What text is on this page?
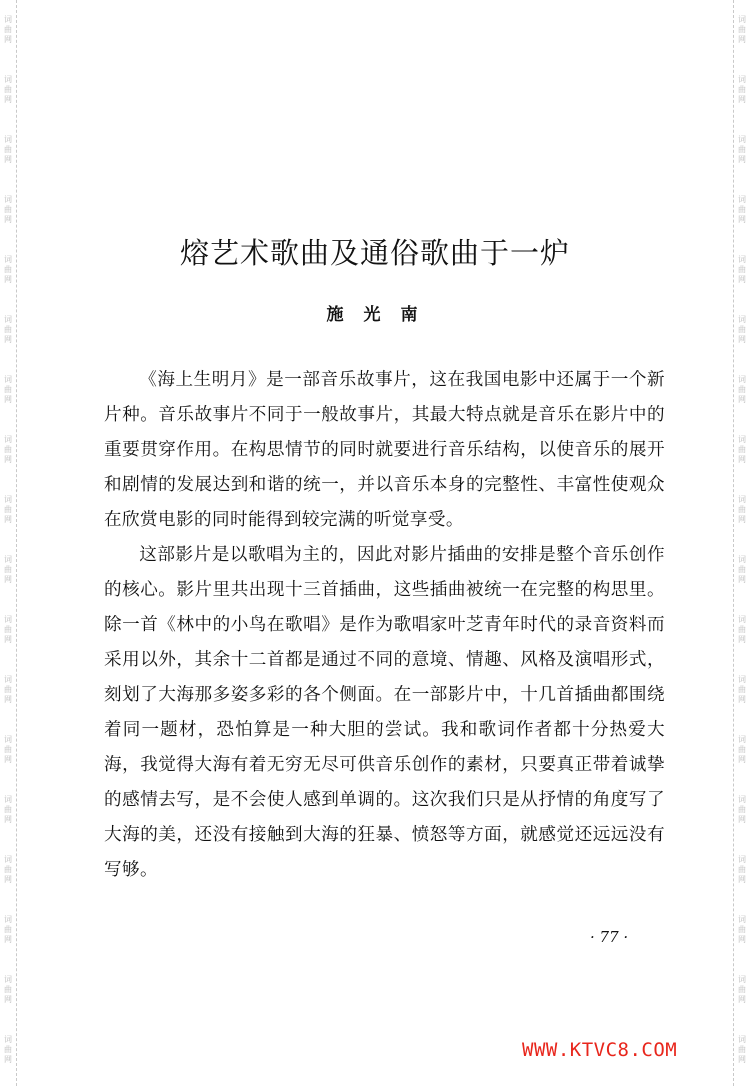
词
曲
网
词
曲
网
词
曲
网
词
曲
网
词
曲
网
词
曲
网
词
曲
网
词
曲
网
词
曲
网
词
曲
网
词
曲
网
词
曲
网
词
曲
网
词
曲
网
词
曲
网
词
曲
网
词
曲
网
词
曲
网
词
曲
网
词
曲
网
词
曲
网
词
曲
网
词
曲
网
词
曲
网
词
曲
网
词
曲
网
词
曲
网
词
曲
网
词
曲
网
词
曲
网
词
曲
网
词
曲
网
词
曲
网
词
曲
网
词
曲
网
词
曲
网
熔艺术歌曲及通俗歌曲于一炉
施光南

《海上生明月》是一部音乐故事片，这在我国电影中还属于一个新片种。音乐故事片不同于一般故事片，其最大特点就是音乐在影片中的重要贯穿作用。在构思情节的同时就要进行音乐结构，以使音乐的展开和剧情的发展达到和谐的统一，并以音乐本身的完整性、丰富性使观众在欣赏电影的同时能得到较完满的听觉享受。

这部影片是以歌唱为主的，因此对影片插曲的安排是整个音乐创作的核心。影片里共出现十三首插曲，这些插曲被统一在完整的构思里。除一首《林中的小鸟在歌唱》是作为歌唱家叶芝青年时代的录音资料而采用以外，其余十二首都是通过不同的意境、情趣、风格及演唱形式，刻划了大海那多姿多彩的各个侧面。在一部影片中，十几首插曲都围绕着同一题材，恐怕算是一种大胆的尝试。我和歌词作者都十分热爱大海，我觉得大海有着无穷无尽可供音乐创作的素材，只要真正带着诚挚的感情去写，是不会使人感到单调的。这次我们只是从抒情的角度写了大海的美，还没有接触到大海的狂暴、愤怒等方面，就感觉还远远没有写够。

· 77 ·
WWW.KTVC8.COM
